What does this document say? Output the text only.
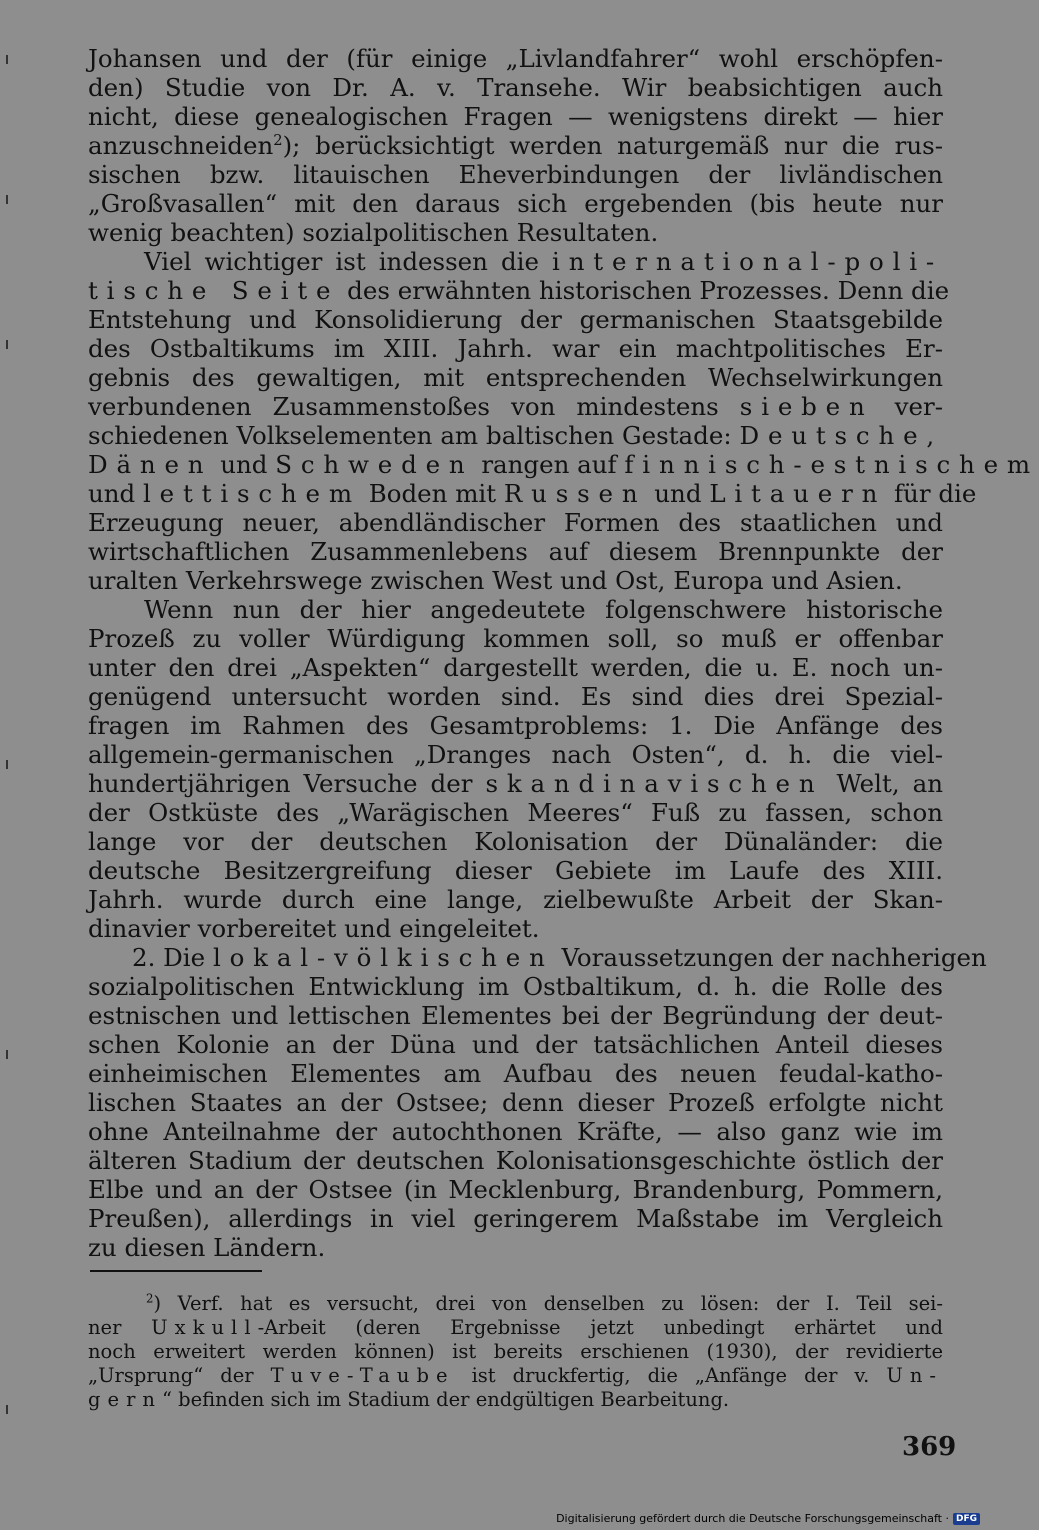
Johansen und der (für einige „Livlandfahrer“ wohl erschöpfen-
den) Studie von Dr. A. v. Transehe. Wir beabsichtigen auch
nicht, diese genealogischen Fragen — wenigstens direkt — hier
anzuschneiden$^2$); berücksichtigt werden naturgemäß nur die rus-
sischen bzw. litauischen Eheverbindungen der livländischen
„Großvasallen“ mit den daraus sich ergebenden (bis heute nur
wenig beachten) sozialpolitischen Resultaten.
Viel wichtiger ist indessen die international-poli-
tische Seite des erwähnten historischen Prozesses. Denn die
Entstehung und Konsolidierung der germanischen Staatsgebilde
des Ostbaltikums im XIII. Jahrh. war ein machtpolitisches Er-
gebnis des gewaltigen, mit entsprechenden Wechselwirkungen
verbundenen Zusammenstoßes von mindestens sieben ver-
schiedenen Volkselementen am baltischen Gestade: Deutsche,
Dänen und Schweden rangen auf finnisch-estnischem
und lettischem Boden mit Russen und Litauern für die
Erzeugung neuer, abendländischer Formen des staatlichen und
wirtschaftlichen Zusammenlebens auf diesem Brennpunkte der
uralten Verkehrswege zwischen West und Ost, Europa und Asien.
Wenn nun der hier angedeutete folgenschwere historische
Prozeß zu voller Würdigung kommen soll, so muß er offenbar
unter den drei „Aspekten“ dargestellt werden, die u. E. noch un-
genügend untersucht worden sind. Es sind dies drei Spezial-
fragen im Rahmen des Gesamtproblems: 1. Die Anfänge des
allgemein-germanischen „Dranges nach Osten“, d. h. die viel-
hundertjährigen Versuche der skandinavischen Welt, an
der Ostküste des „Warägischen Meeres“ Fuß zu fassen, schon
lange vor der deutschen Kolonisation der Dünaländer: die
deutsche Besitzergreifung dieser Gebiete im Laufe des XIII.
Jahrh. wurde durch eine lange, zielbewußte Arbeit der Skan-
dinavier vorbereitet und eingeleitet.
2. Die lokal-völkischen Voraussetzungen der nachherigen
sozialpolitischen Entwicklung im Ostbaltikum, d. h. die Rolle des
estnischen und lettischen Elementes bei der Begründung der deut-
schen Kolonie an der Düna und der tatsächlichen Anteil dieses
einheimischen Elementes am Aufbau des neuen feudal-katho-
lischen Staates an der Ostsee; denn dieser Prozeß erfolgte nicht
ohne Anteilnahme der autochthonen Kräfte, — also ganz wie im
älteren Stadium der deutschen Kolonisationsgeschichte östlich der
Elbe und an der Ostsee (in Mecklenburg, Brandenburg, Pommern,
Preußen), allerdings in viel geringerem Maßstabe im Vergleich
zu diesen Ländern.
$^2$) Verf. hat es versucht, drei von denselben zu lösen: der I. Teil sei-
ner Uxkull-Arbeit (deren Ergebnisse jetzt unbedingt erhärtet und
noch erweitert werden können) ist bereits erschienen (1930), der revidierte
„Ursprung“ der Tuve-Taube ist druckfertig, die „Anfänge der v. Un-
gern“ befinden sich im Stadium der endgültigen Bearbeitung.
369
Digitalisierung gefördert durch die Deutsche Forschungsgemeinschaft · DFG
